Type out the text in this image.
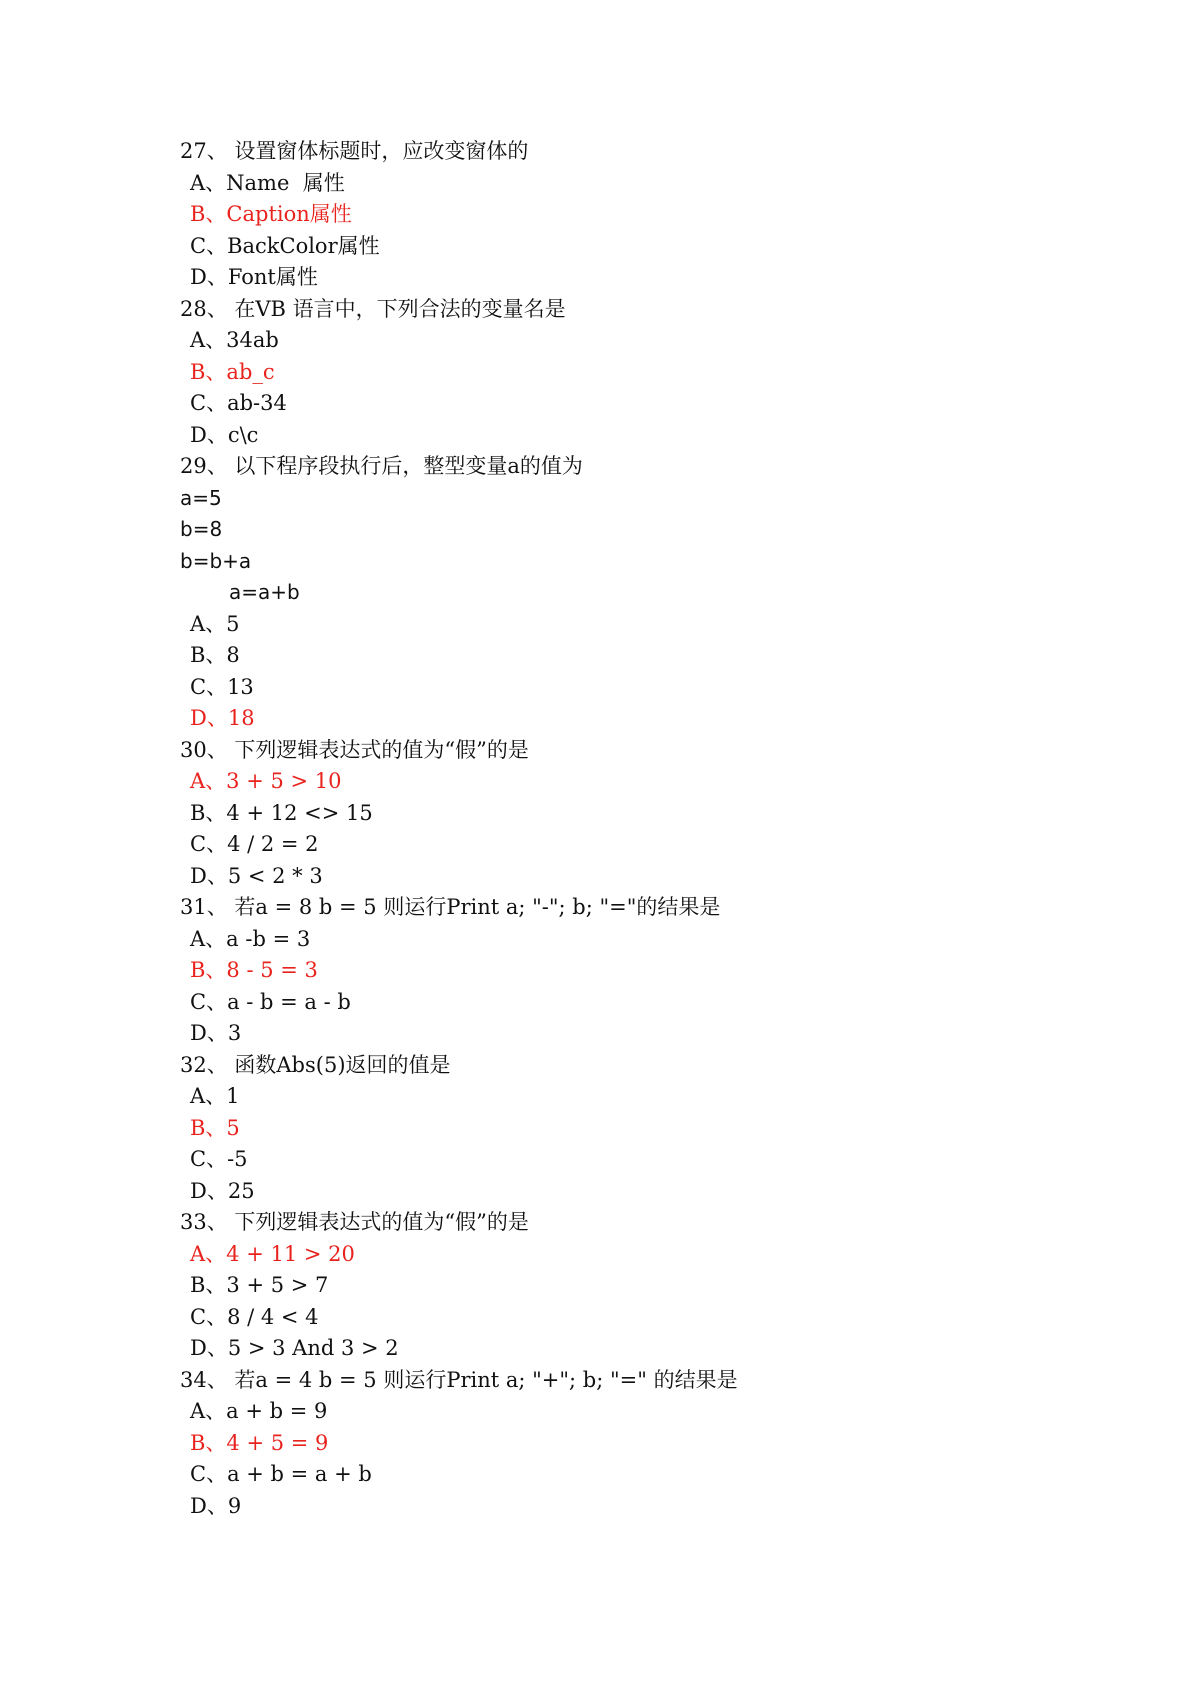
27、 设置窗体标题时，应改变窗体的
A、Name  属性
B、Caption属性
C、BackColor属性
D、Font属性
28、 在VB 语言中，下列合法的变量名是
A、34ab
B、ab_c
C、ab-34
D、c\c
29、 以下程序段执行后，整型变量a的值为
a=5
b=8
b=b+a
a=a+b
A、5
B、8
C、13
D、18
30、 下列逻辑表达式的值为“假”的是
A、3 + 5 > 10
B、4 + 12 <> 15
C、4 / 2 = 2
D、5 < 2 * 3
31、 若a = 8 b = 5 则运行Print a; "-"; b; "="的结果是
A、a -b = 3
B、8 - 5 = 3
C、a - b = a - b
D、3
32、 函数Abs(5)返回的值是
A、1
B、5
C、-5
D、25
33、 下列逻辑表达式的值为“假”的是
A、4 + 11 > 20
B、3 + 5 > 7
C、8 / 4 < 4
D、5 > 3 And 3 > 2
34、 若a = 4 b = 5 则运行Print a; "+"; b; "=" 的结果是
A、a + b = 9
B、4 + 5 = 9
C、a + b = a + b
D、9
